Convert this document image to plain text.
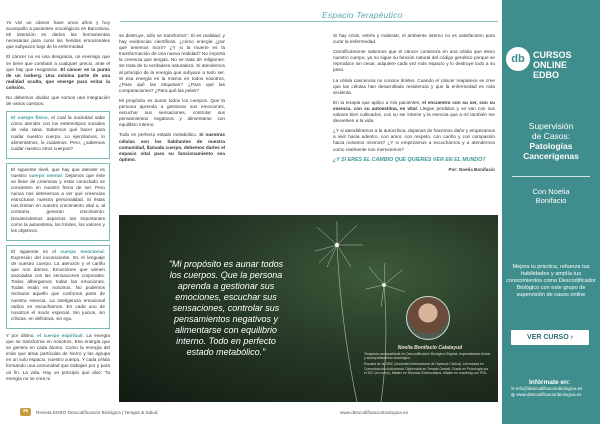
Espacio Terapéutico

Yo viví un cáncer hace unos años y hoy acompaño a pacientes oncológicos en Barcelona. Mi intención es darles las herramientas necesarias para curar las heridas emocionales que subyacen bajo de la enfermedad.

El cáncer no es una desgracia, un enemigo que se tiene que combatir a cualquier precio, ante el que hay que resignarse. El cáncer es la punta de un iceberg. Una mínima parte de una realidad oculta, que emerge para evitar la colisión.

No debemos olvidar que somos una integración de varios cuerpos.

El cuerpo físico, el cual la sociedad sabe cómo atender con los estereotipos sociales de vida sana. Sabemos qué hacer para cuidar nuestro cuerpo. Lo ejercitamos, lo alimentamos, lo cuidamos. Pero, ¿sabemos cuidar nuestro otros cuerpos?

El siguiente nivel, que hay que atender es nuestro cuerpo mental. Dejamos que éste se llene de creencias y estar conectado se convierten en nuestro freno de ser. Pero nunca nos detenemos a ver qué creencias estructuran nuestra personalidad. Si éstas nos limitan en nuestro crecimiento vital o, al contrario, generan crecimiento. Desatendemos aspectos tan importantes como la autoestima, los límites, los valores y los objetivos.

El siguiente es el cuerpo emocional. Expresión del inconsciente. Es el lenguaje de nuestro cuerpo. La atención y el cariño que nos damos. Emociones que vienen asociadas con las sensaciones corporales. Todos albergamos todas las emociones. Todas están en nosotros. No podemos rechazar aquello que conforma parte de nuestra esencia. La inteligencia emocional radica en escucharnos. En cada uno de nosotros el modo especial. Sin juicios, sin críticas, en definitiva, sin ego.

Y por último, el cuerpo espiritual. La energía que se transforma en nosotros. Esa energía que se genera en cada átomo. Como la energía del imán que atrae partículas de hierro y las agrupa en un solo espacio, nuestro cuerpo. Y cada célula formando una comunidad que trabajan por y para un fin. La vida. Hay un principio que dice: "la energía no se crea ni

se destruye, sólo se transforma". Si es realidad, y hay evidencias científicas, ¿cómo energía ¿por qué tenemos morir? ¿Y si la muerte es la transformación de una nueva realidad? No importa la creencia que tengas. No se trata de religiones. Se trata de tu verdadera naturaleza. Si atendemos al principio de la energía que subyace a todo ser. Si esa energía es la misma en todos nosotros, ¿Para qué las etiquetas? ¿Para qué las comparaciones? ¿Para qué las pelas?

Mi propósito es aunar todos los cuerpos. Que la persona aprenda a gestionar sus emociones, escuchar sus sensaciones, controlar sus pensamientos negativos y alimentarse con equilibrio interno.

Todo en perfecto estado metabólico. Si nuestras células son los habitantes de nuestra comunidad, llamada cuerpo, debemos darles el espacio vital para su funcionamiento sea óptimo.

Si hay crisis, estrés y malestar, el ambiente interno no es satisfactorio para curar la enfermedad.

Científicamente sabemos que el cáncer comienza en una célula que elevo nuestro cuerpo, ya no sigue su función natural del código genético porque se reproduce sin cesar, adquiere cada vez más espacio y lo destruye todo a su paso.

La célula cancerosa no conoce límites. Cuando el cáncer reaparece se cree que las células han desarrollado resistencia y que la enfermedad es más virulenta.

En la terapia que aplico a mis pacientes, el encuentro con su ser, con su esencia, con su autoestima, es vital. Llegan perdidos y se van con sus valores bien cultivados, con su ser interior y la esencia que a mí también me devuelven a la vida.

¿Y si atendiéramos a la autocrítica, dejamos de hacemos daño y empezamos a vivir hacia adentro, con amor, con respeto, con cariño y con compasión hacia nosotros mismos? ¿Y si empezamos a escucharnos y a atendernos como realmente nos merecemos?

¿Y SI ERES EL CAMBIO QUE QUIERES VER EN EL MUNDO?

Por: Noelia Bonifacio

"Mi propósito es aunar todos los cuerpos. Que la persona aprenda a gestionar sus emociones, escuchar sus sensaciones, controlar sus pensamientos negativos y alimentarse con equilibrio interno. Todo en perfecto estado metabólico."	Noelia Bonifacio Calatayud

Terapeuta acompañante en Descodificación Biológica Original, especializada clínica y acompañamiento oncológico.

Escuela de la SIBC (Sociedad Internacional de Hipnosis Clínica), Licenciada en Comunicación Audiovisual. Diplomada en Terapia Gestalt, Grado en Psicología por el IGC (en curso), Máster en Hipnosis Ericksoniana, Máster en coaching con PNL.

20	Revista EDBO Descodificación Biológica | Terapia & Salud	www.descodificacionbiologica.es
db CURSOS
ONLINE
EDBO
Supervisión
de Casos:
Patologías
Cancerígenas
Con Noelia
Bonifacio
Mejora tu práctica, refuerza tus habilidades y amplía tus conocimientos como Descodificador Biológico con este grupo de supervisión de casos online
VER CURSO ›
Infórmate en:
✉ info@descodificacionbiologica.es
◍ www.descodificacionbiologica.es
